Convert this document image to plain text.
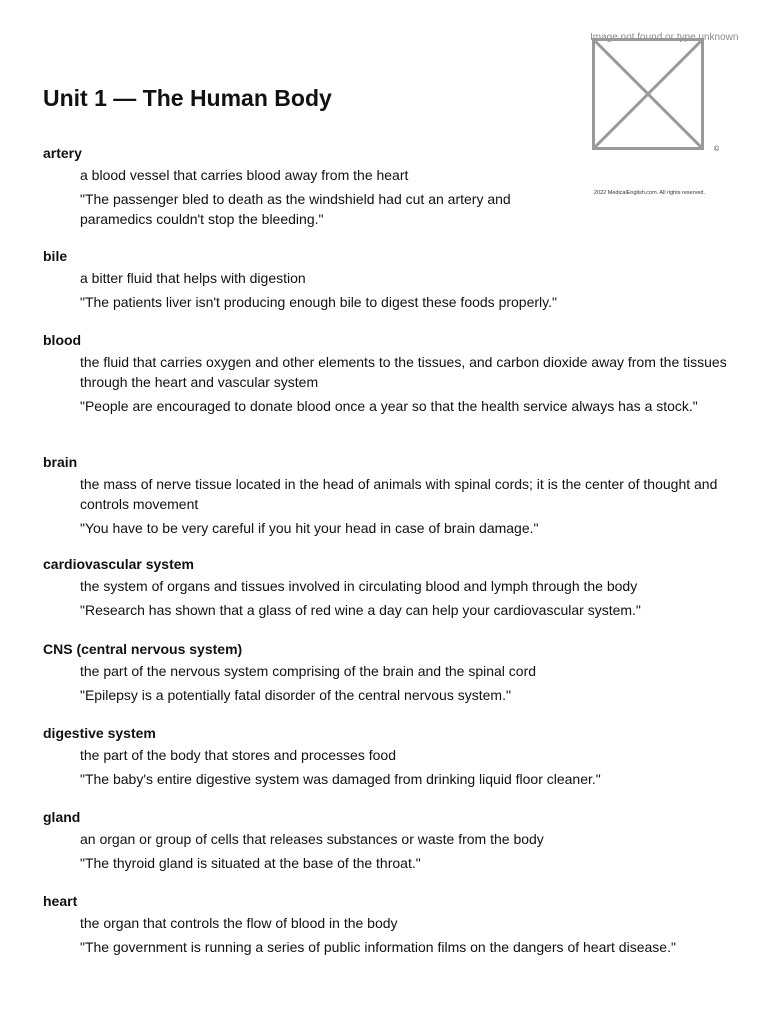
Image not found or type unknown
©
2022 MedicalEnglish.com. All rights reserved.
Unit 1 — The Human Body
artery
a blood vessel that carries blood away from the heart
"The passenger bled to death as the windshield had cut an artery and paramedics couldn't stop the bleeding."
bile
a bitter fluid that helps with digestion
"The patients liver isn't producing enough bile to digest these foods properly."
blood
the fluid that carries oxygen and other elements to the tissues, and carbon dioxide away from the tissues through the heart and vascular system
"People are encouraged to donate blood once a year so that the health service always has a stock."
brain
the mass of nerve tissue located in the head of animals with spinal cords; it is the center of thought and controls movement
"You have to be very careful if you hit your head in case of brain damage."
cardiovascular system
the system of organs and tissues involved in circulating blood and lymph through the body
"Research has shown that a glass of red wine a day can help your cardiovascular system."
CNS (central nervous system)
the part of the nervous system comprising of the brain and the spinal cord
"Epilepsy is a potentially fatal disorder of the central nervous system."
digestive system
the part of the body that stores and processes food
"The baby's entire digestive system was damaged from drinking liquid floor cleaner."
gland
an organ or group of cells that releases substances or waste from the body
"The thyroid gland is situated at the base of the throat."
heart
the organ that controls the flow of blood in the body
"The government is running a series of public information films on the dangers of heart disease."
